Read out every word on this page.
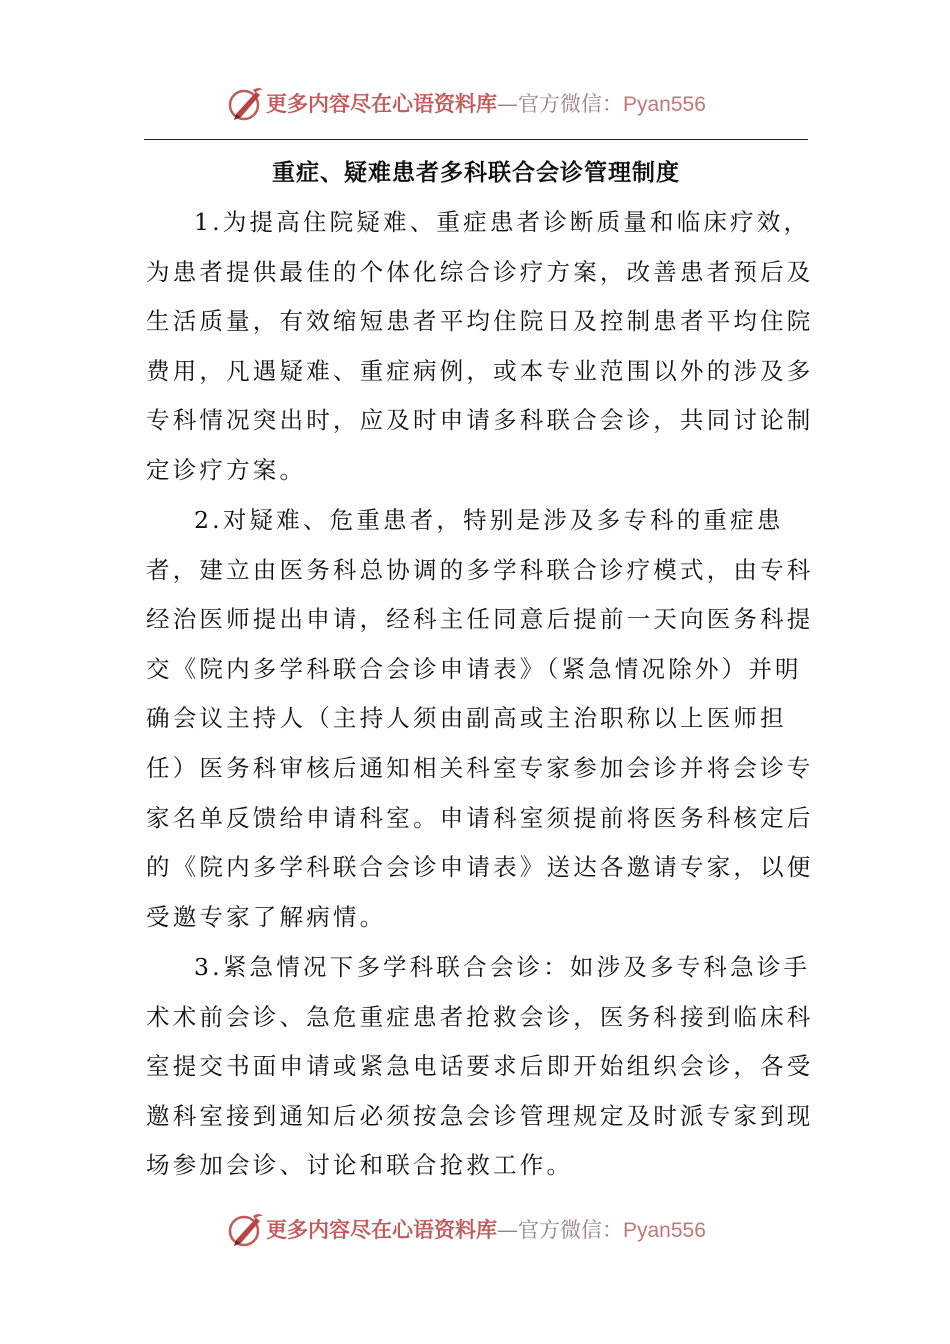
更多内容尽在心语资料库—官方微信：Pyan556
重症、疑难患者多科联合会诊管理制度
1.为提高住院疑难、重症患者诊断质量和临床疗效，为患者提供最佳的个体化综合诊疗方案，改善患者预后及生活质量，有效缩短患者平均住院日及控制患者平均住院费用，凡遇疑难、重症病例，或本专业范围以外的涉及多专科情况突出时，应及时申请多科联合会诊，共同讨论制定诊疗方案。
2.对疑难、危重患者，特别是涉及多专科的重症患者，建立由医务科总协调的多学科联合诊疗模式，由专科经治医师提出申请，经科主任同意后提前一天向医务科提交《院内多学科联合会诊申请表》（紧急情况除外）并明确会议主持人（主持人须由副高或主治职称以上医师担任）医务科审核后通知相关科室专家参加会诊并将会诊专家名单反馈给申请科室。申请科室须提前将医务科核定后的《院内多学科联合会诊申请表》送达各邀请专家，以便受邀专家了解病情。
3.紧急情况下多学科联合会诊：如涉及多专科急诊手术术前会诊、急危重症患者抢救会诊，医务科接到临床科室提交书面申请或紧急电话要求后即开始组织会诊，各受邀科室接到通知后必须按急会诊管理规定及时派专家到现场参加会诊、讨论和联合抢救工作。
更多内容尽在心语资料库—官方微信：Pyan556
